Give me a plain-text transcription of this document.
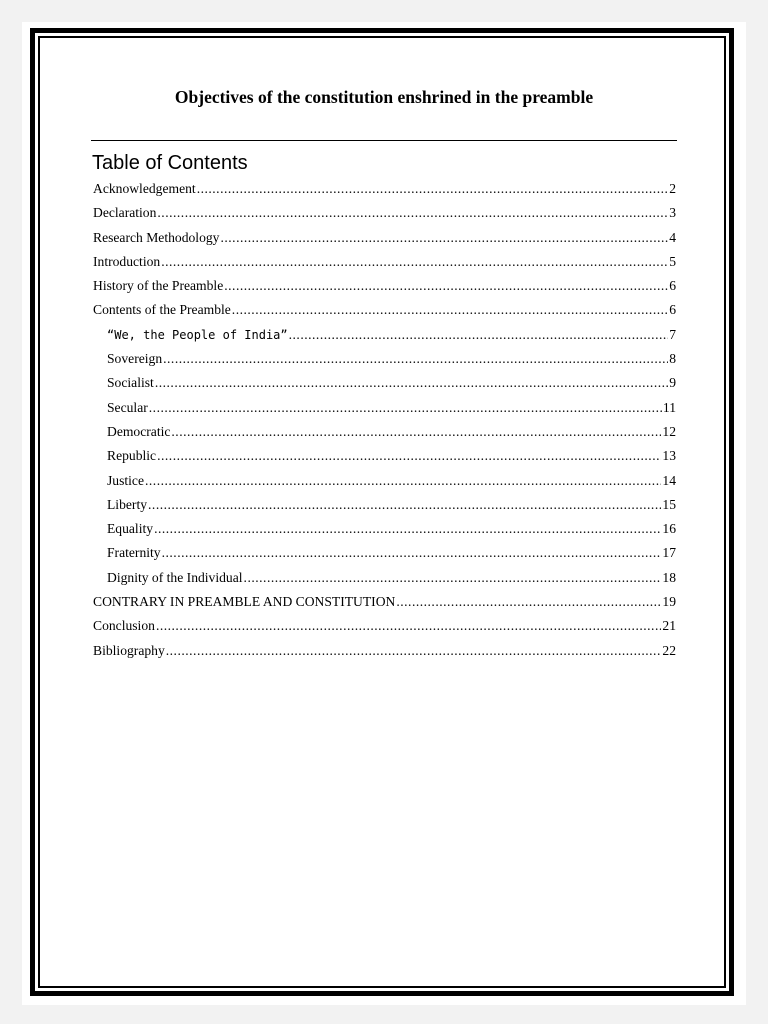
Objectives of the constitution enshrined in the preamble
Table of Contents
Acknowledgement .....	2
Declaration .....	3
Research Methodology .....	4
Introduction .....	5
History of the Preamble .....	6
Contents of the Preamble .....	6
“We, the People of India” .....	7
Sovereign .....	8
Socialist .....	9
Secular .....	11
Democratic .....	12
Republic .....	13
Justice .....	14
Liberty .....	15
Equality .....	16
Fraternity .....	17
Dignity of the Individual .....	18
CONTRARY IN PREAMBLE AND CONSTITUTION .....	19
Conclusion .....	21
Bibliography .....	22
